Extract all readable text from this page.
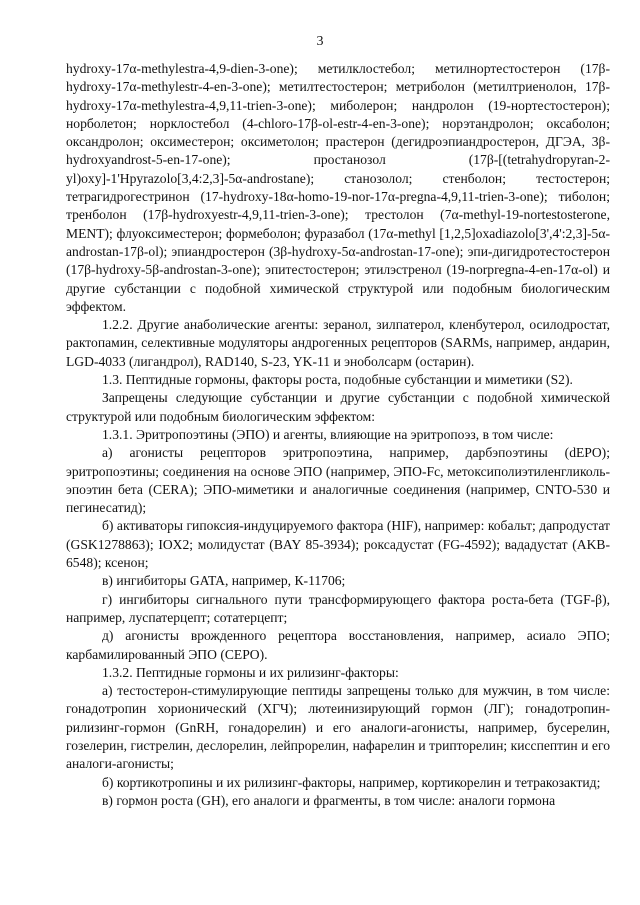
3

hydroxy-17α-methylestra-4,9-dien-3-one); метилклостебол; метилнортестостерон (17β-hydroxy-17α-methylestr-4-en-3-one); метилтестостерон; метриболон (метилтриенолон, 17β-hydroxy-17α-methylestra-4,9,11-trien-3-one); миболерон; нандролон (19-нортестостерон); норболетон; норклостебол (4-chloro-17β-ol-estr-4-en-3-one); норэтандролон; оксаболон; оксандролон; оксиместерон; оксиметолон; прастерон (дегидроэпиандростерон, ДГЭА, 3β-hydroxyandrost-5-en-17-one); простанозол (17β-[(tetrahydropyran-2-yl)oxy]-1'Hpyrazolo[3,4:2,3]-5α-androstane); станозолол; стенболон; тестостерон; тетрагидрогестринон (17-hydroxy-18α-homo-19-nor-17α-pregna-4,9,11-trien-3-one); тиболон; тренболон (17β-hydroxyestr-4,9,11-trien-3-one); трестолон (7α-methyl-19-nortestosterone, MENT); флуоксиместерон; формеболон; фуразабол (17α-methyl [1,2,5]oxadiazolo[3',4':2,3]-5α-androstan-17β-ol); эпиандростерон (3β-hydroxy-5α-androstan-17-one); эпи-дигидротестостерон (17β-hydroxy-5β-androstan-3-one); эпитестостерон; этилэстренол (19-norpregna-4-en-17α-ol) и другие субстанции с подобной химической структурой или подобным биологическим эффектом.

1.2.2. Другие анаболические агенты: зеранол, зилпатерол, кленбутерол, осилодростат, рактопамин, селективные модуляторы андрогенных рецепторов (SARMs, например, андарин, LGD-4033 (лигандрол), RAD140, S-23, YK-11 и эноболсарм (остарин).

1.3. Пептидные гормоны, факторы роста, подобные субстанции и миметики (S2).

Запрещены следующие субстанции и другие субстанции с подобной химической структурой или подобным биологическим эффектом:

1.3.1. Эритропоэтины (ЭПО) и агенты, влияющие на эритропоэз, в том числе:

а) агонисты рецепторов эритропоэтина, например, дарбэпоэтины (dEPO); эритропоэтины; соединения на основе ЭПО (например, ЭПО-Fc, метоксиполиэтиленгликоль-эпоэтин бета (CERA); ЭПО-миметики и аналогичные соединения (например, CNTO-530 и пегинесатид);

б) активаторы гипоксия-индуцируемого фактора (HIF), например: кобальт; дапродустат (GSK1278863); IOX2; молидустат (BAY 85-3934); роксадустат (FG-4592); вададустат (AKB-6548); ксенон;

в) ингибиторы GATA, например, К-11706;

г) ингибиторы сигнального пути трансформирующего фактора роста-бета (TGF-β), например, луспатерцепт; сотатерцепт;

д) агонисты врожденного рецептора восстановления, например, асиало ЭПО; карбамилированный ЭПО (CEPO).

1.3.2. Пептидные гормоны и их рилизинг-факторы:

а) тестостерон-стимулирующие пептиды запрещены только для мужчин, в том числе: гонадотропин хорионический (ХГЧ); лютеинизирующий гормон (ЛГ); гонадотропин-рилизинг-гормон (GnRH, гонадорелин) и его аналоги-агонисты, например, бусерелин, гозелерин, гистрелин, деслорелин, лейпрорелин, нафарелин и трипторелин; кисспептин и его аналоги-агонисты;

б) кортикотропины и их рилизинг-факторы, например, кортикорелин и тетракозактид;

в) гормон роста (GH), его аналоги и фрагменты, в том числе: аналоги гормона
